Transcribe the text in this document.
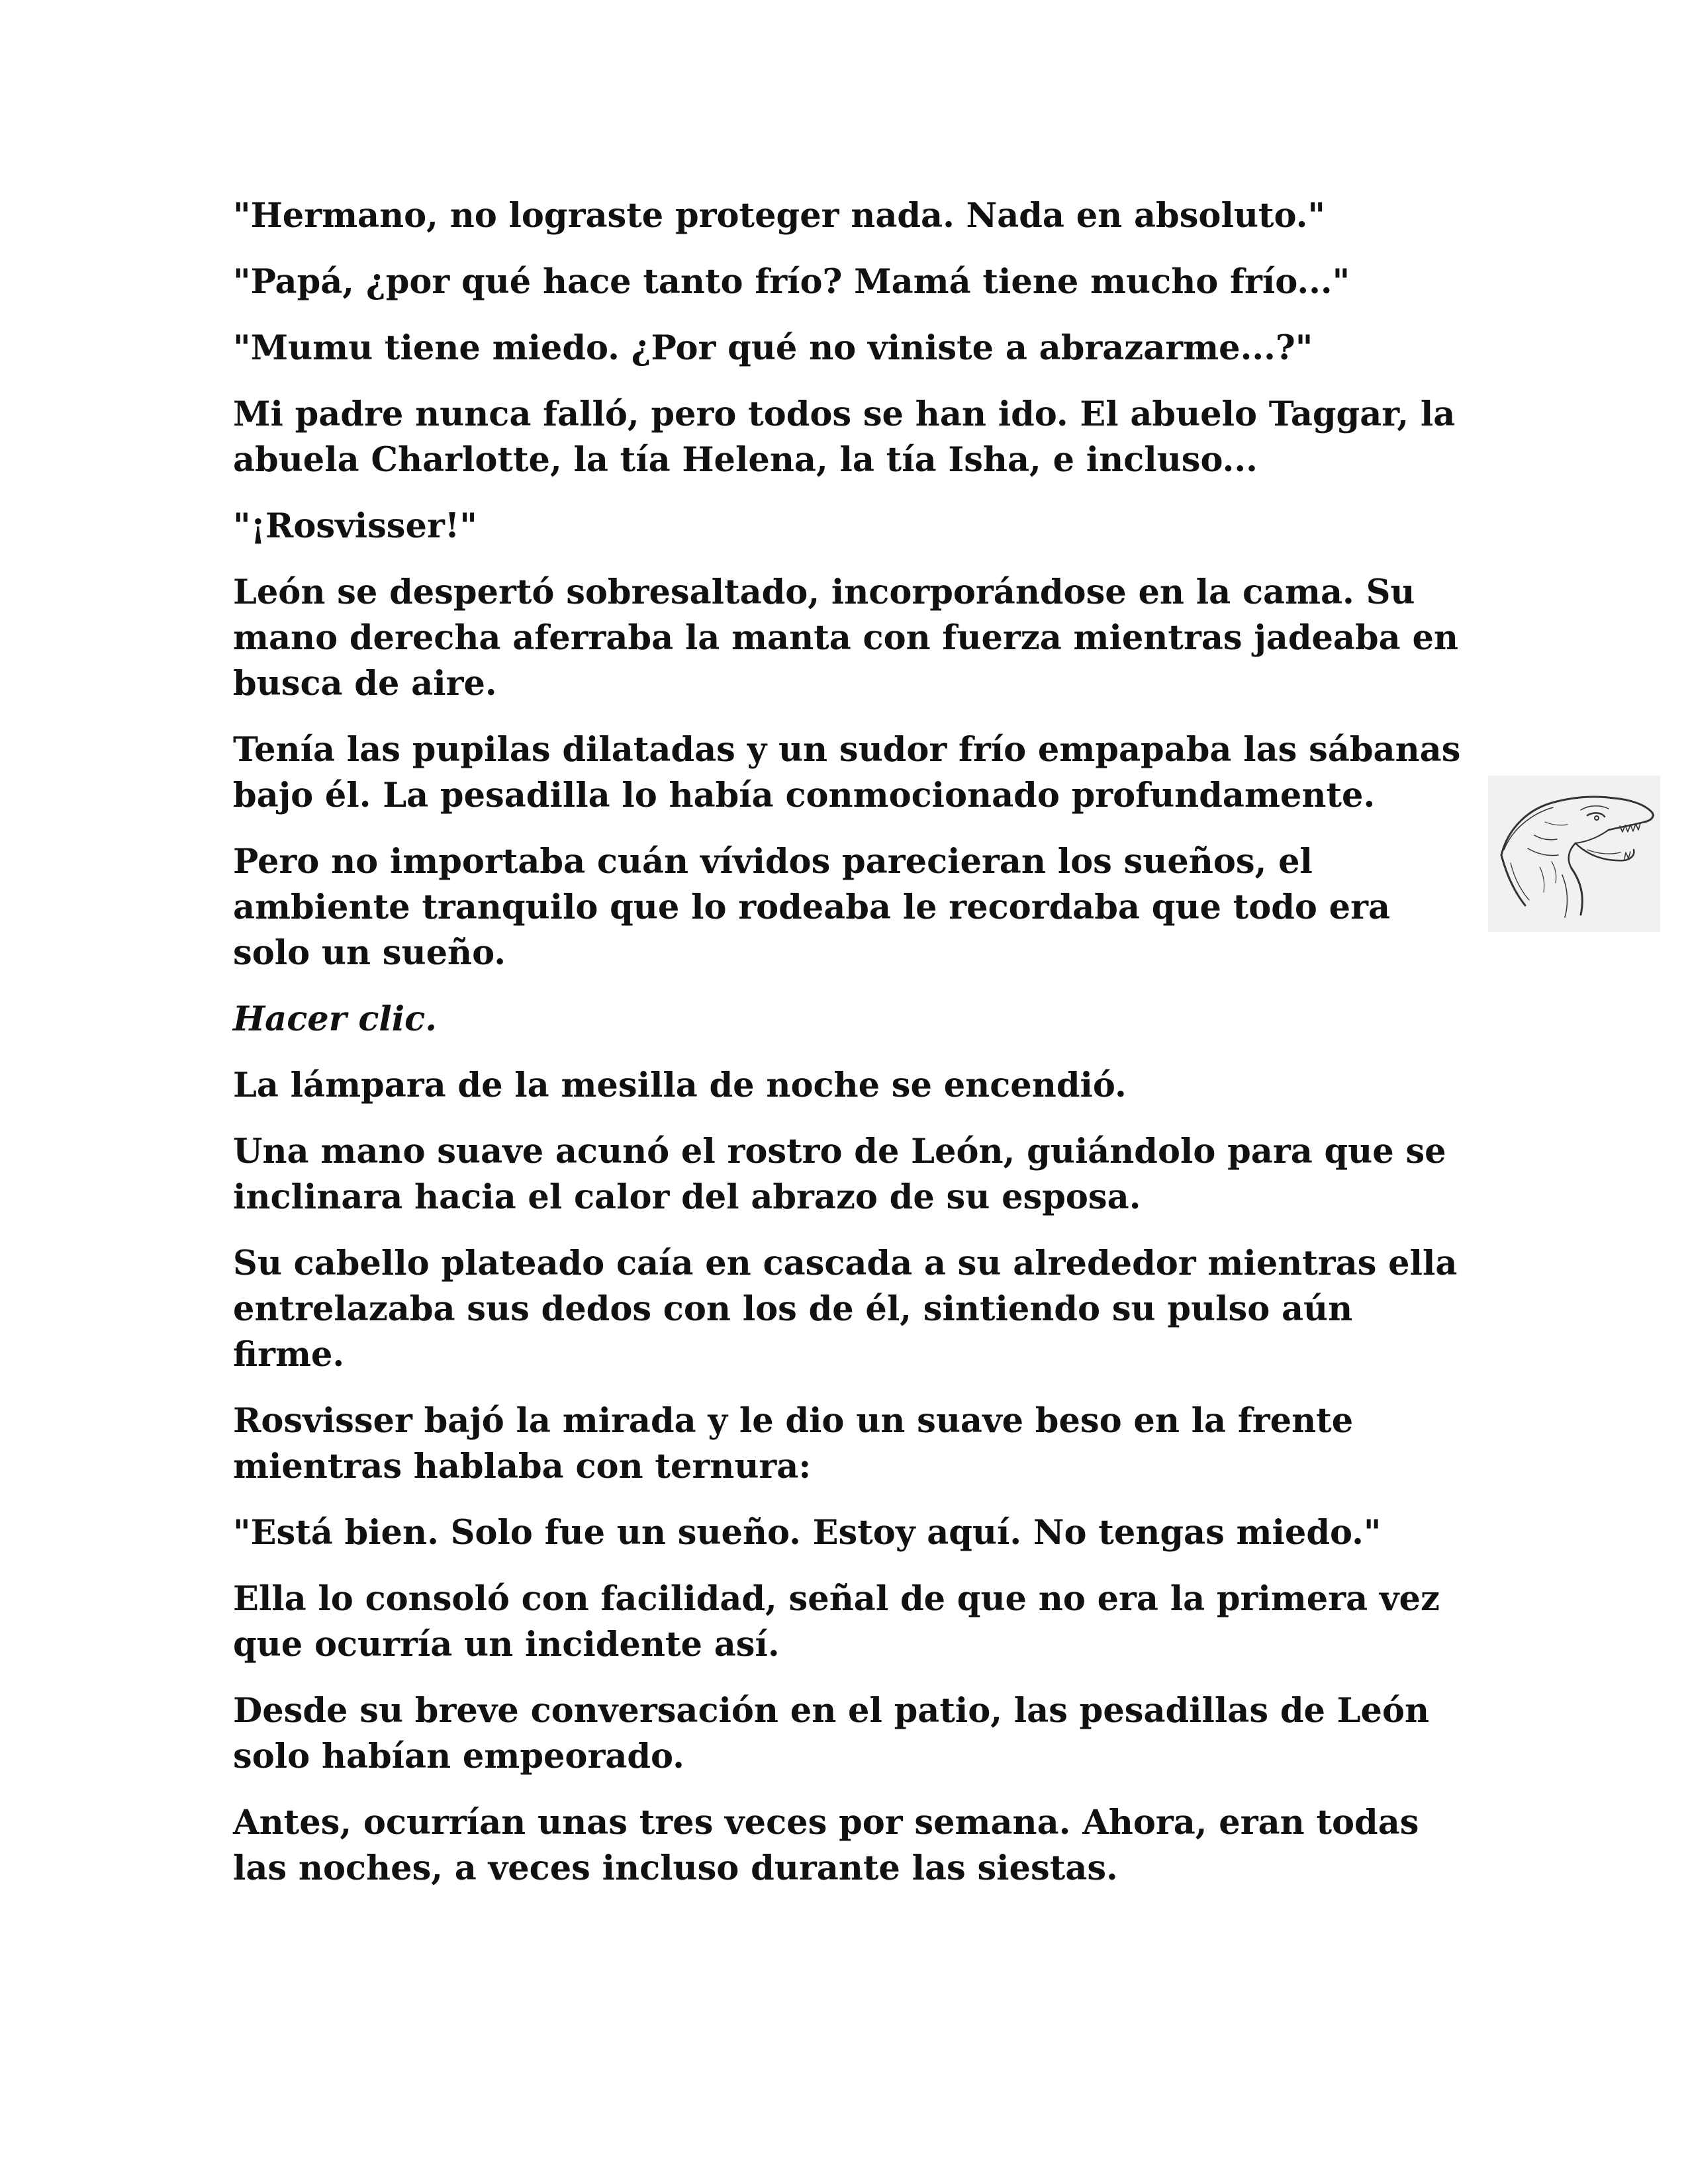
"Hermano, no lograste proteger nada. Nada en absoluto."

"Papá, ¿por qué hace tanto frío? Mamá tiene mucho frío..."

"Mumu tiene miedo. ¿Por qué no viniste a abrazarme...?"

Mi padre nunca falló, pero todos se han ido. El abuelo Taggar, la abuela Charlotte, la tía Helena, la tía Isha, e incluso...

"¡Rosvisser!"

León se despertó sobresaltado, incorporándose en la cama. Su mano derecha aferraba la manta con fuerza mientras jadeaba en busca de aire.

Tenía las pupilas dilatadas y un sudor frío empapaba las sábanas bajo él. La pesadilla lo había conmocionado profundamente.

Pero no importaba cuán vívidos parecieran los sueños, el ambiente tranquilo que lo rodeaba le recordaba que todo era solo un sueño.

Hacer clic.

La lámpara de la mesilla de noche se encendió.

Una mano suave acunó el rostro de León, guiándolo para que se inclinara hacia el calor del abrazo de su esposa.

Su cabello plateado caía en cascada a su alrededor mientras ella entrelazaba sus dedos con los de él, sintiendo su pulso aún firme.

Rosvisser bajó la mirada y le dio un suave beso en la frente mientras hablaba con ternura:

"Está bien. Solo fue un sueño. Estoy aquí. No tengas miedo."

Ella lo consoló con facilidad, señal de que no era la primera vez que ocurría un incidente así.

Desde su breve conversación en el patio, las pesadillas de León solo habían empeorado.

Antes, ocurrían unas tres veces por semana. Ahora, eran todas las noches, a veces incluso durante las siestas.
